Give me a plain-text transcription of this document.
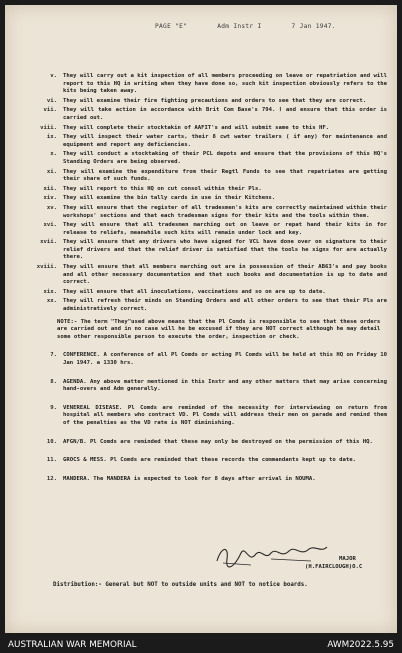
PAGE "E"	Adm Instr I	7 Jan 1947.
v.	They will carry out a kit inspection of all members proceeding on leave or repatriation and will report to this HQ in writing when they have done so, such kit inspection obviously refers to the kits being taken away.
vi.	They will examine their fire fighting precautions and orders to see that they are correct.
vii.	They will take action in accordance with Brit Com Base's 794. Ⅰ and ensure that this order is carried out.
viii.	They will complete their stocktakin of AAFIT's and will submit same to this HF.
ix.	They will inspect their water carts, their 8 cwt water trailers ( if any) for maintenance and equipment and report any deficiencies.
x.	They will conduct a stocktaking of their PCL depots and ensure that the provisions of this HQ's Standing Orders are being observed.
xi.	They will examine the expenditure from their Regtl Funds to see that repatriates are getting their share of such funds.
xii.	They will report to this HQ on cut consol within their Pls.
xiv.	They will examine the bin tally cards in use in their Kitchens.
xv.	They will ensure that the register of all tradesmen's kits are correctly maintained within their workshops' sections and that each tradesman signs for their kits and the tools within them.
xvi.	They will ensure that all tradesmen marching out on leave or repat hand their kits in for release to reliefs, meanwhile such kits will remain under lock and key.
xvii.	They will ensure that any drivers who have signed for VCL have done over on signature to their relief drivers and that the relief driver is satisfied that the tools he signs for are actually there.
xviii.	They will ensure that all members marching out are in possession of their AB63's and pay books and all other necessary documentation and that such books and documentation is up to date and correct.
xix.	They will ensure that all inoculations, vaccinations and so on are up to date.
xx.	They will refresh their minds on Standing Orders and all other orders to see that their Pls are administratively correct.
NOTE:- The term "They"used above means that the Pl Comds is responsible to see that these orders are carried out and in no case will he be excused if they are NOT correct although he may detail some other responsible person to execute the order, inspection or check.
7.	CONFERENCE. A conference of all Pl Comds or acting Pl Comds will be held at this HQ on Friday 10 Jan 1947. a 1330 hrs.
8.	AGENDA. Any above matter mentioned in this Instr and any other matters that may arise concerning hand-overs and Adm generally.
9.	VENEREAL DISEASE. Pl Comds are reminded of the necessity for interviewing on return from hospital all members who contract VD. Pl Comds will address their men on parade and remind them of the penalties as the VD rate is NOT diminishing.
10.	AFGN/B. Pl Comds are reminded that these may only be destroyed on the permission of this HQ.
11.	GROCS & MESS. Pl Comds are reminded that these records the commandants kept up to date.
12.	MANDERA. The MANDERA is expected to look for 8 days after arrival in NOUMA.
MAJOR
(H.FAIRCLOUGH)O.C
Distribution:- General but NOT to outside units and NOT to notice boards.
AUSTRALIAN WAR MEMORIAL	AWM2022.5.95
